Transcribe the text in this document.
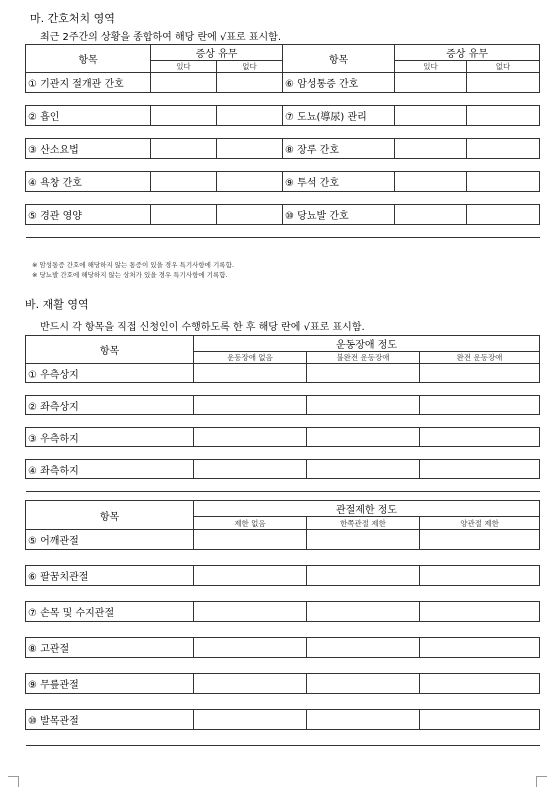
마. 간호처치 영역
최근 2주간의 상황을 종합하여 해당 란에 √표로 표시함.
항목	증상 유무		항목	증상 유무	
	있다	없다		있다	없다
① 기관지 절개관 간호			⑥ 암성통증 간호		

② 흡인			⑦ 도뇨(導尿) 관리		

③ 산소요법			⑧ 장루 간호		

④ 욕창 간호			⑨ 투석 간호		

⑤ 경관 영양			⑩ 당뇨발 간호		

※ 암성통증 간호에 해당하지 않는 통증이 있을 경우 특기사항에 기록함.
※ 당뇨발 간호에 해당하지 않는 상처가 있을 경우 특기사항에 기록함.
바. 재활 영역
반드시 각 항목을 직접 신청인이 수행하도록 한 후 해당 란에 √표로 표시함.
항목	운동장애 정도		
	운동장애 없음	불완전 운동장애	완전 운동장애
① 우측상지			

② 좌측상지			

③ 우측하지			

④ 좌측하지			

항목	관절제한 정도		
	제한 없음	한쪽관절 제한	양관절 제한
⑤ 어깨관절			

⑥ 팔꿈치관절			

⑦ 손목 및 수지관절			

⑧ 고관절			

⑨ 무릎관절			

⑩ 발목관절			
